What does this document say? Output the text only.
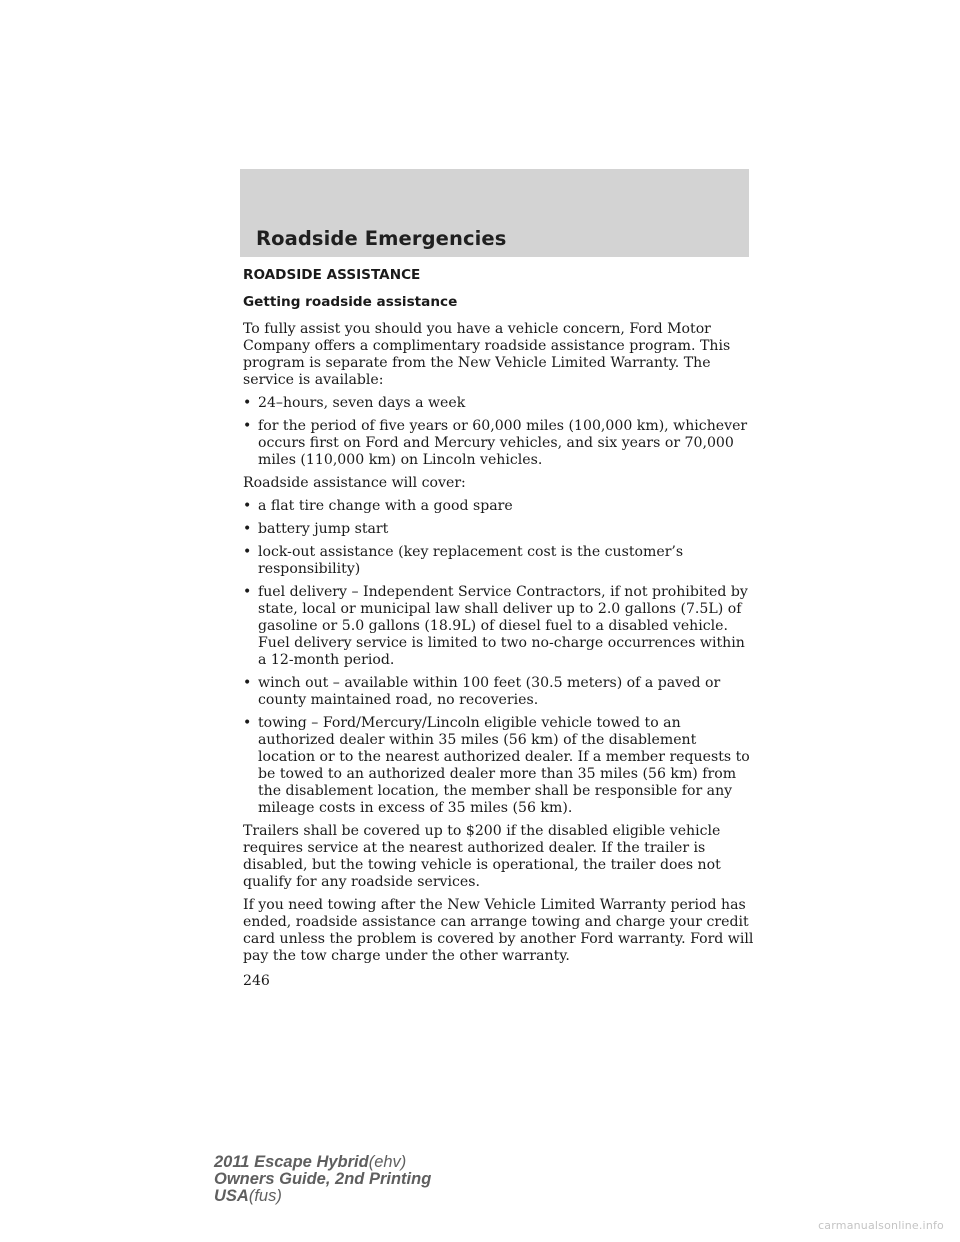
Roadside Emergencies
ROADSIDE ASSISTANCE
Getting roadside assistance

To fully assist you should you have a vehicle concern, Ford Motor Company offers a complimentary roadside assistance program. This program is separate from the New Vehicle Limited Warranty. The service is available:

• 24–hours, seven days a week
• for the period of five years or 60,000 miles (100,000 km), whichever occurs first on Ford and Mercury vehicles, and six years or 70,000 miles (110,000 km) on Lincoln vehicles.

Roadside assistance will cover:

• a flat tire change with a good spare
• battery jump start
• lock-out assistance (key replacement cost is the customer’s responsibility)
• fuel delivery – Independent Service Contractors, if not prohibited by state, local or municipal law shall deliver up to 2.0 gallons (7.5L) of gasoline or 5.0 gallons (18.9L) of diesel fuel to a disabled vehicle. Fuel delivery service is limited to two no-charge occurrences within a 12-month period.
• winch out – available within 100 feet (30.5 meters) of a paved or county maintained road, no recoveries.
• towing – Ford/Mercury/Lincoln eligible vehicle towed to an authorized dealer within 35 miles (56 km) of the disablement location or to the nearest authorized dealer. If a member requests to be towed to an authorized dealer more than 35 miles (56 km) from the disablement location, the member shall be responsible for any mileage costs in excess of 35 miles (56 km).

Trailers shall be covered up to $200 if the disabled eligible vehicle requires service at the nearest authorized dealer. If the trailer is disabled, but the towing vehicle is operational, the trailer does not qualify for any roadside services.

If you need towing after the New Vehicle Limited Warranty period has ended, roadside assistance can arrange towing and charge your credit card unless the problem is covered by another Ford warranty. Ford will pay the tow charge under the other warranty.

246
2011 Escape Hybrid(ehv)
Owners Guide, 2nd Printing
USA(fus)
carmanualsonline.info
